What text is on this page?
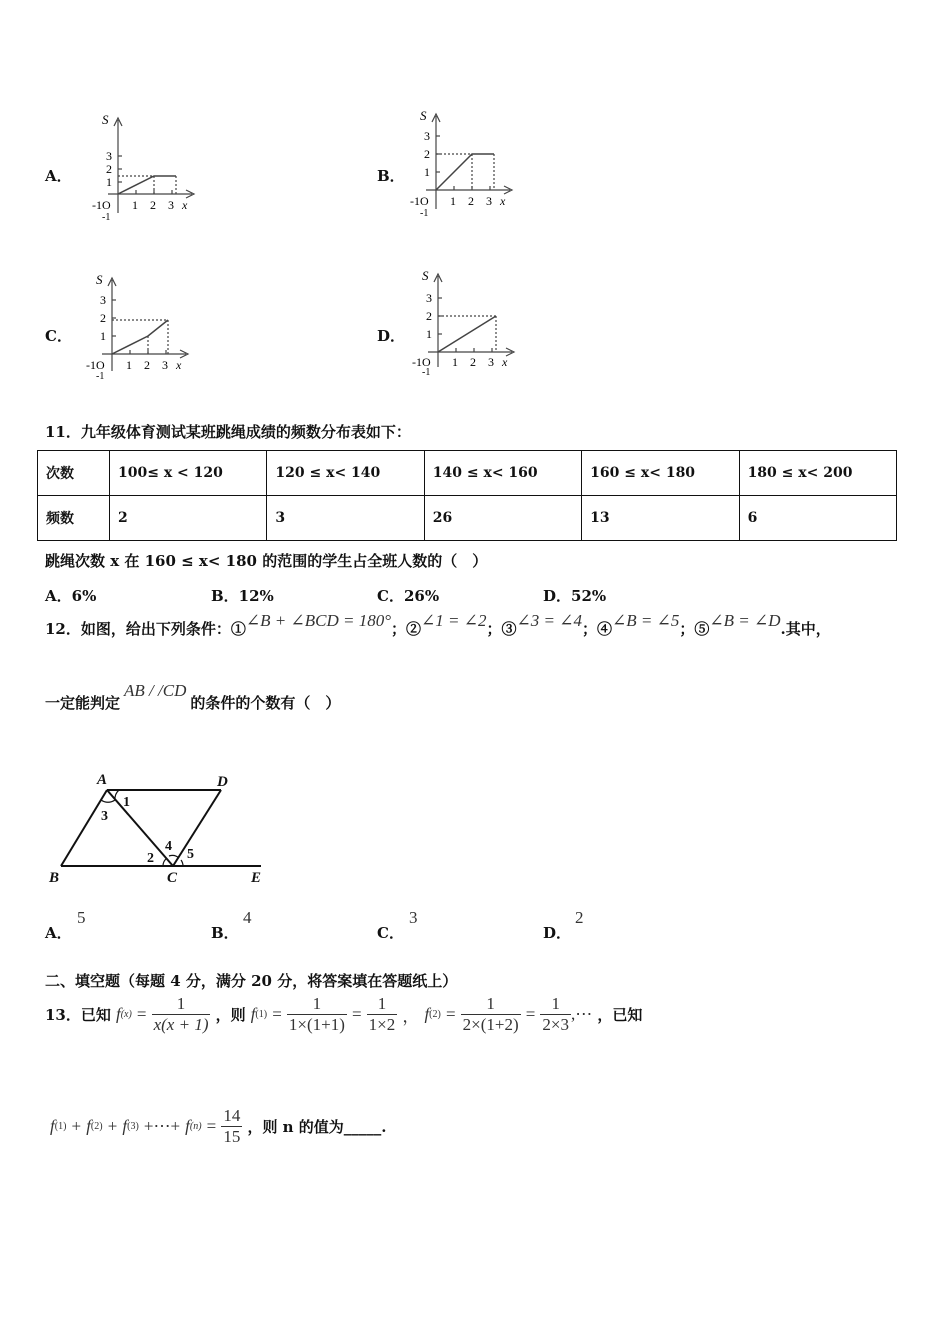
A．
S
3
2
1
1 2 3 x
-1O
-1
B．
S
3
2
1
1 2 3 x
-1O
-1
C．
S
3
2
1
1 2 3 x
-1O
-1
D．
S
3
2
1
1 2 3 x
-1O
-1
11．九年级体育测试某班跳绳成绩的频数分布表如下：
次数	100≤ x < 120	120 ≤ x< 140	140 ≤ x< 160	160 ≤ x< 180	180 ≤ x< 200
频数	2	3	26	13	6
跳绳次数 x 在 160 ≤ x< 180 的范围的学生占全班人数的（　）
A．6%	B．12%	C．26%	D．52%
12．如图，给出下列条件：①∠B + ∠BCD = 180°；②∠1 = ∠2；③∠3 = ∠4；④∠B = ∠5；⑤∠B = ∠D.其中，
一定能判定AB / /CD的条件的个数有（　）
A	D
B	C	E
1
3
2
4
5
A．
5
B．
4
C．
3
D．
2
二、填空题（每题 4 分，满分 20 分，将答案填在答题纸上）
13．已知 $f(x) = \frac{1}{x(x + 1)}$ ，则 $f(1) = \frac{1}{1\times(1+1)} = \frac{1}{1\times 2}$ ， $f(2) = \frac{1}{2\times(1+2)} = \frac{1}{2\times 3}$ ,⋯ ，已知
f(1) + f(2) + f(3) +⋯+ $f(n) = \frac{14}{15}$ ，则 n 的值为_____.
